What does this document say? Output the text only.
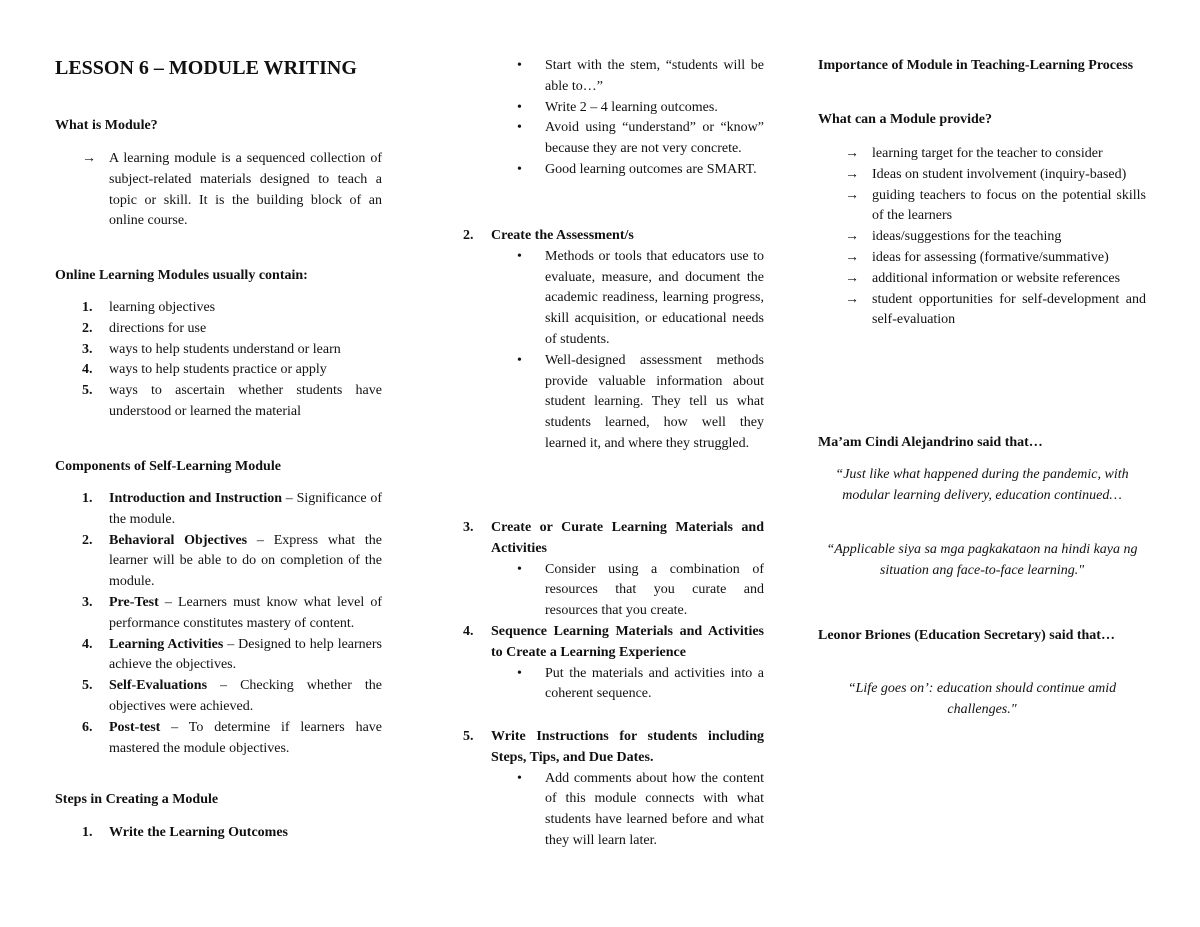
LESSON 6 – MODULE WRITING
What is Module?
→ A learning module is a sequenced collection of subject-related materials designed to teach a topic or skill. It is the building block of an online course.
Online Learning Modules usually contain:
1. learning objectives
2. directions for use
3. ways to help students understand or learn
4. ways to help students practice or apply
5. ways to ascertain whether students have understood or learned the material
Components of Self-Learning Module
1. Introduction and Instruction – Significance of the module.
2. Behavioral Objectives – Express what the learner will be able to do on completion of the module.
3. Pre-Test – Learners must know what level of performance constitutes mastery of content.
4. Learning Activities – Designed to help learners achieve the objectives.
5. Self-Evaluations – Checking whether the objectives were achieved.
6. Post-test – To determine if learners have mastered the module objectives.
Steps in Creating a Module
1. Write the Learning Outcomes
• Start with the stem, “students will be able to…”
• Write 2 – 4 learning outcomes.
• Avoid using “understand” or “know” because they are not very concrete.
• Good learning outcomes are SMART.
2. Create the Assessment/s
• Methods or tools that educators use to evaluate, measure, and document the academic readiness, learning progress, skill acquisition, or educational needs of students.
• Well-designed assessment methods provide valuable information about student learning. They tell us what students learned, how well they learned it, and where they struggled.
3. Create or Curate Learning Materials and Activities
• Consider using a combination of resources that you curate and resources that you create.
4. Sequence Learning Materials and Activities to Create a Learning Experience
• Put the materials and activities into a coherent sequence.
5. Write Instructions for students including Steps, Tips, and Due Dates.
• Add comments about how the content of this module connects with what students have learned before and what they will learn later.
Importance of Module in Teaching-Learning Process
What can a Module provide?
→ learning target for the teacher to consider
→ Ideas on student involvement (inquiry-based)
→ guiding teachers to focus on the potential skills of the learners
→ ideas/suggestions for the teaching
→ ideas for assessing (formative/summative)
→ additional information or website references
→ student opportunities for self-development and self-evaluation
Ma’am Cindi Alejandrino said that…
“Just like what happened during the pandemic, with modular learning delivery, education continued…
“Applicable siya sa mga pagkakataon na hindi kaya ng situation ang face-to-face learning."
Leonor Briones (Education Secretary) said that…
“Life goes on’: education should continue amid challenges."
